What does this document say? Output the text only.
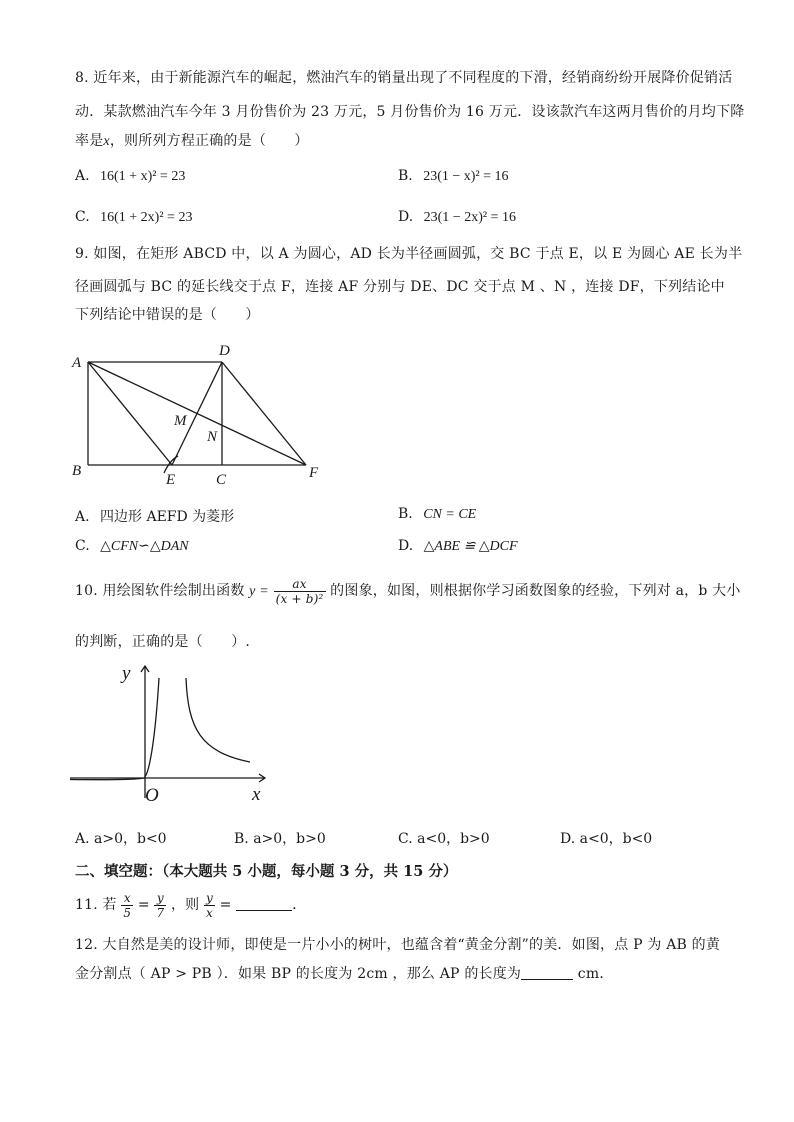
8. 近年来，由于新能源汽车的崛起，燃油汽车的销量出现了不同程度的下滑，经销商纷纷开展降价促销活
动．某款燃油汽车今年 3 月份售价为 23 万元，5 月份售价为 16 万元．设该款汽车这两月售价的月均下降
率是x，则所列方程正确的是（　　）
A. 16(1 + x)² = 23	B. 23(1 − x)² = 16
C. 16(1 + 2x)² = 23	D. 23(1 − 2x)² = 16
9. 如图，在矩形 ABCD 中，以 A 为圆心，AD 长为半径画圆弧，交 BC 于点 E，以 E 为圆心 AE 长为半
径画圆弧与 BC 的延长线交于点 F，连接 AF 分别与 DE、DC 交于点 M 、N ，连接 DF，下列结论中
下列结论中错误的是（　　）
A
D
B
E	C	F
M
N
A. 四边形 AEFD 为菱形	B. CN = CE
C. △CFN∽△DAN	D. △ABE ≌ △DCF
10. 用绘图软件绘制出函数 $y = \frac{ax}{\text{(x + b)²}}$ 的图象，如图，则根据你学习函数图象的经验，下列对 a，b 大小
的判断，正确的是（　　）.
y
x
O
A. a>0，b<0	B. a>0，b>0	C. a<0，b>0	D. a<0，b<0
二、填空题：（本大题共 5 小题，每小题 3 分，共 15 分）
11. 若 $\frac{x}{5} = \frac{y}{7}$ ，则 $\frac{y}{x}$ =	．
12. 大自然是美的设计师，即使是一片小小的树叶，也蕴含着“黄金分割”的美．如图，点 P 为 AB 的黄
金分割点（ AP > PB ）．如果 BP 的长度为 2cm ，那么 AP 的长度为	cm．
